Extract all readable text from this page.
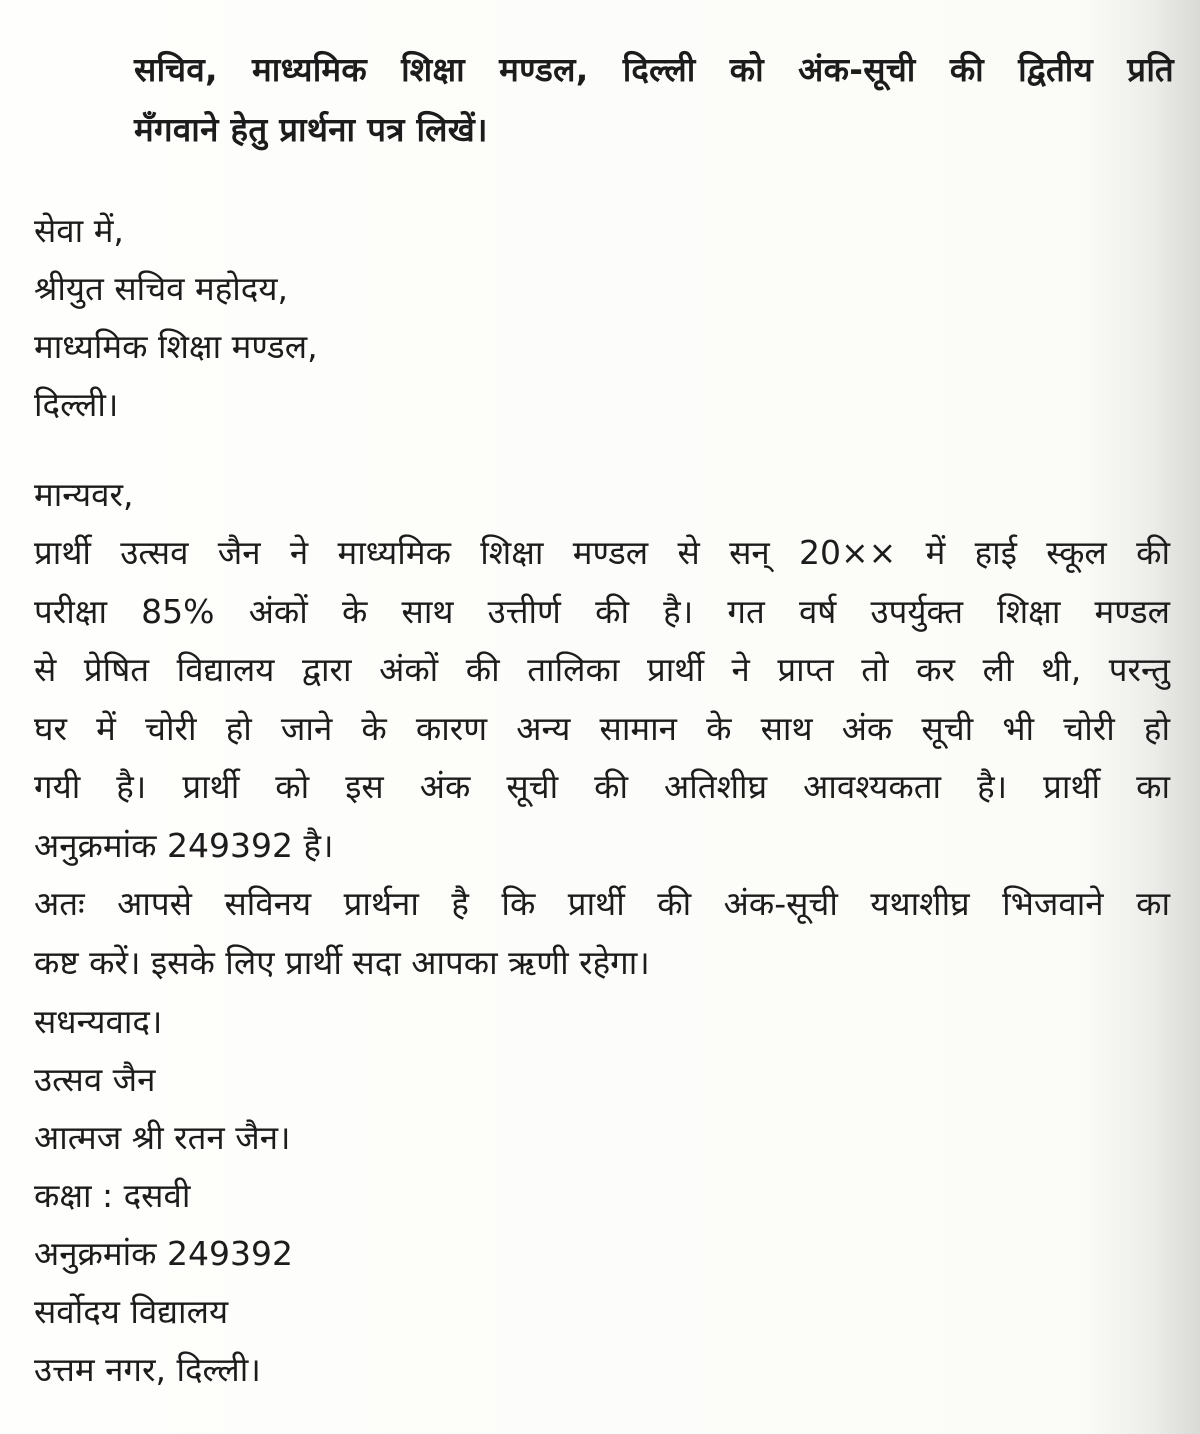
सचिव, माध्यमिक शिक्षा मण्डल, दिल्ली को अंक-सूची की द्वितीय प्रति

मँगवाने हेतु प्रार्थना पत्र लिखें।

सेवा में,

श्रीयुत सचिव महोदय,

माध्यमिक शिक्षा मण्डल,

दिल्ली।

मान्यवर,

प्रार्थी उत्सव जैन ने माध्यमिक शिक्षा मण्डल से सन् 20×× में हाई स्कूल की

परीक्षा 85% अंकों के साथ उत्तीर्ण की है। गत वर्ष उपर्युक्त शिक्षा मण्डल

से प्रेषित विद्यालय द्वारा अंकों की तालिका प्रार्थी ने प्राप्त तो कर ली थी, परन्तु

घर में चोरी हो जाने के कारण अन्य सामान के साथ अंक सूची भी चोरी हो

गयी है। प्रार्थी को इस अंक सूची की अतिशीघ्र आवश्यकता है। प्रार्थी का

अनुक्रमांक 249392 है।

अतः आपसे सविनय प्रार्थना है कि प्रार्थी की अंक-सूची यथाशीघ्र भिजवाने का

कष्ट करें। इसके लिए प्रार्थी सदा आपका ऋणी रहेगा।

सधन्यवाद।

उत्सव जैन

आत्मज श्री रतन जैन।

कक्षा : दसवी

अनुक्रमांक 249392

सर्वोदय विद्यालय

उत्तम नगर, दिल्ली।
